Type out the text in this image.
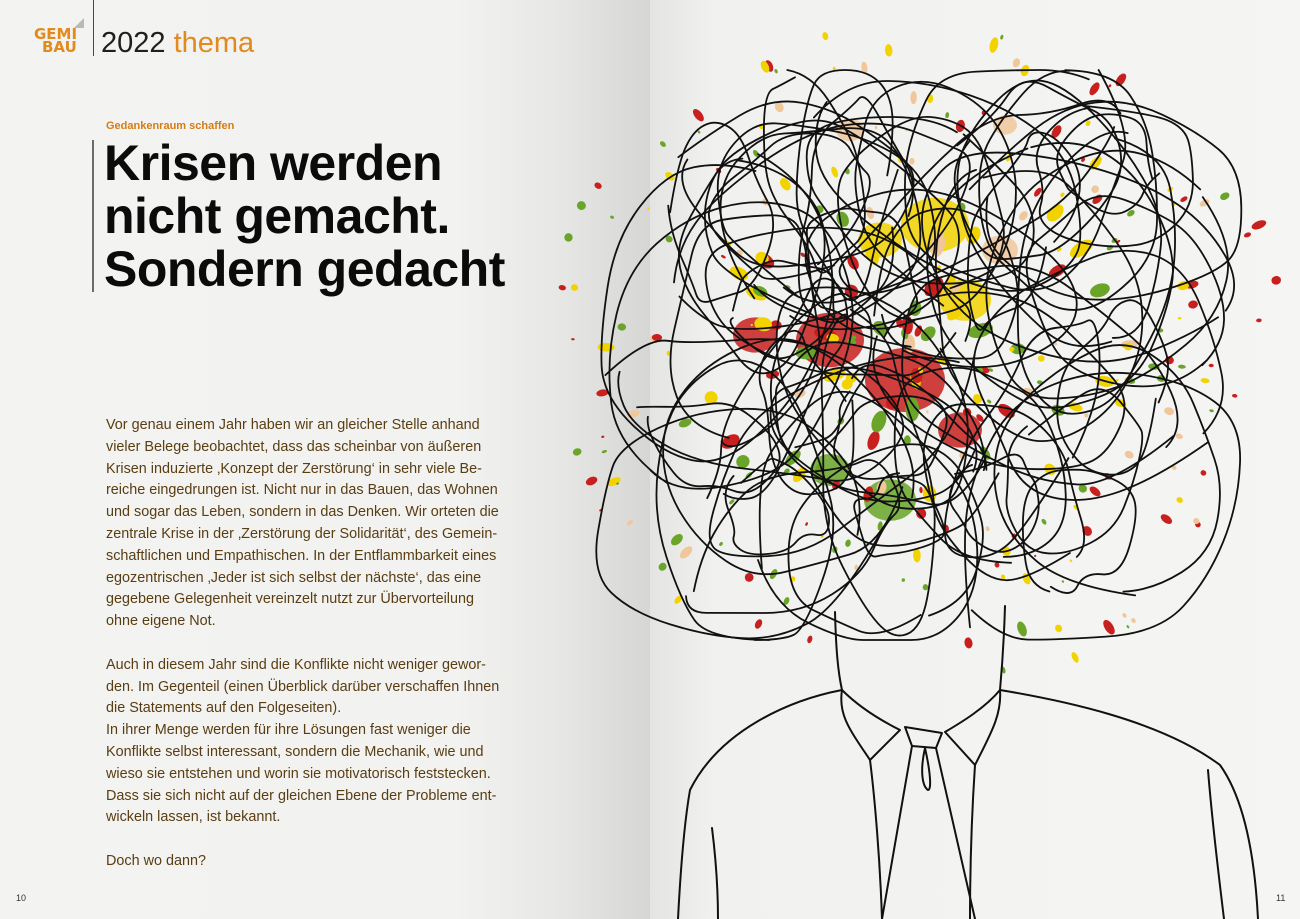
GEMI
BAU 2022 thema
Gedankenraum schaffen
Krisen werden
nicht gemacht.
Sondern gedacht
Vor genau einem Jahr haben wir an gleicher Stelle anhand
vieler Belege beobachtet, dass das scheinbar von äußeren
Krisen induzierte ‚Konzept der Zerstörung‘ in sehr viele Be-
reiche eingedrungen ist. Nicht nur in das Bauen, das Wohnen
und sogar das Leben, sondern in das Denken. Wir orteten die
zentrale Krise in der ‚Zerstörung der Solidarität‘, des Gemein-
schaftlichen und Empathischen. In der Entflammbarkeit eines
egozentrischen ‚Jeder ist sich selbst der nächste‘, das eine
gegebene Gelegenheit vereinzelt nutzt zur Übervorteilung
ohne eigene Not.
Auch in diesem Jahr sind die Konflikte nicht weniger gewor-
den. Im Gegenteil (einen Überblick darüber verschaffen Ihnen
die Statements auf den Folgeseiten).
In ihrer Menge werden für ihre Lösungen fast weniger die
Konflikte selbst interessant, sondern die Mechanik, wie und
wieso sie entstehen und worin sie motivatorisch feststecken.
Dass sie sich nicht auf der gleichen Ebene der Probleme ent-
wickeln lassen, ist bekannt.
Doch wo dann?
10	11
